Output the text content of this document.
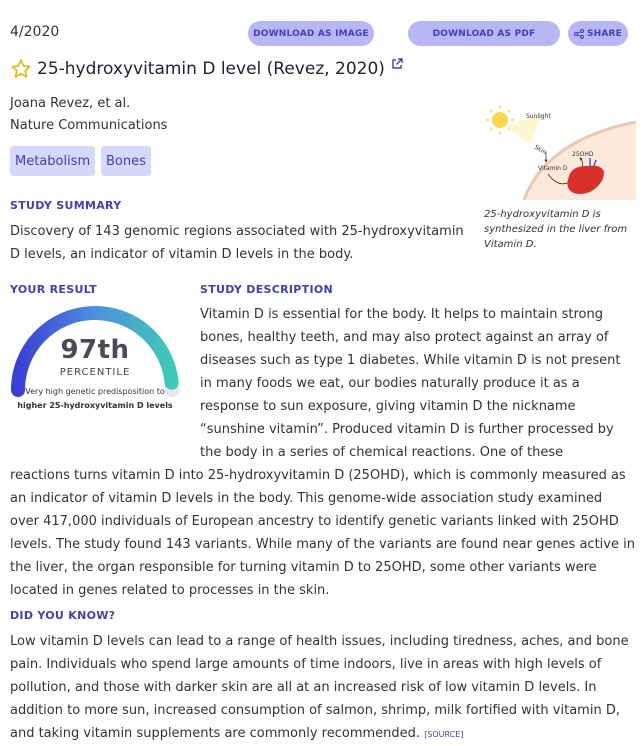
4/2020	DOWNLOAD AS IMAGE	DOWNLOAD AS PDF	SHARE
25-hydroxyvitamin D level (Revez, 2020)
Joana Revez, et al.
Nature Communications
Metabolism	Bones
Sunlight
Skin
Vitamin D
25OHD
25-hydroxyvitamin D is synthesized in the liver from Vitamin D.
STUDY SUMMARY
Discovery of 143 genomic regions associated with 25-hydroxyvitamin D levels, an indicator of vitamin D levels in the body.
YOUR RESULT
97th
PERCENTILE
Very high genetic predisposition to higher 25-hydroxyvitamin D levels
STUDY DESCRIPTION
Vitamin D is essential for the body. It helps to maintain strong
bones, healthy teeth, and may also protect against an array of
diseases such as type 1 diabetes. While vitamin D is not present
in many foods we eat, our bodies naturally produce it as a
response to sun exposure, giving vitamin D the nickname
“sunshine vitamin”. Produced vitamin D is further processed by
the body in a series of chemical reactions. One of these
reactions turns vitamin D into 25-hydroxyvitamin D (25OHD), which is commonly measured as an indicator of vitamin D levels in the body. This genome-wide association study examined over 417,000 individuals of European ancestry to identify genetic variants linked with 25OHD levels. The study found 143 variants. While many of the variants are found near genes active in the liver, the organ responsible for turning vitamin D to 25OHD, some other variants were located in genes related to processes in the skin.
DID YOU KNOW?
Low vitamin D levels can lead to a range of health issues, including tiredness, aches, and bone pain. Individuals who spend large amounts of time indoors, live in areas with high levels of pollution, and those with darker skin are all at an increased risk of low vitamin D levels. In addition to more sun, increased consumption of salmon, shrimp, milk fortified with vitamin D, and taking vitamin supplements are commonly recommended. [SOURCE]
